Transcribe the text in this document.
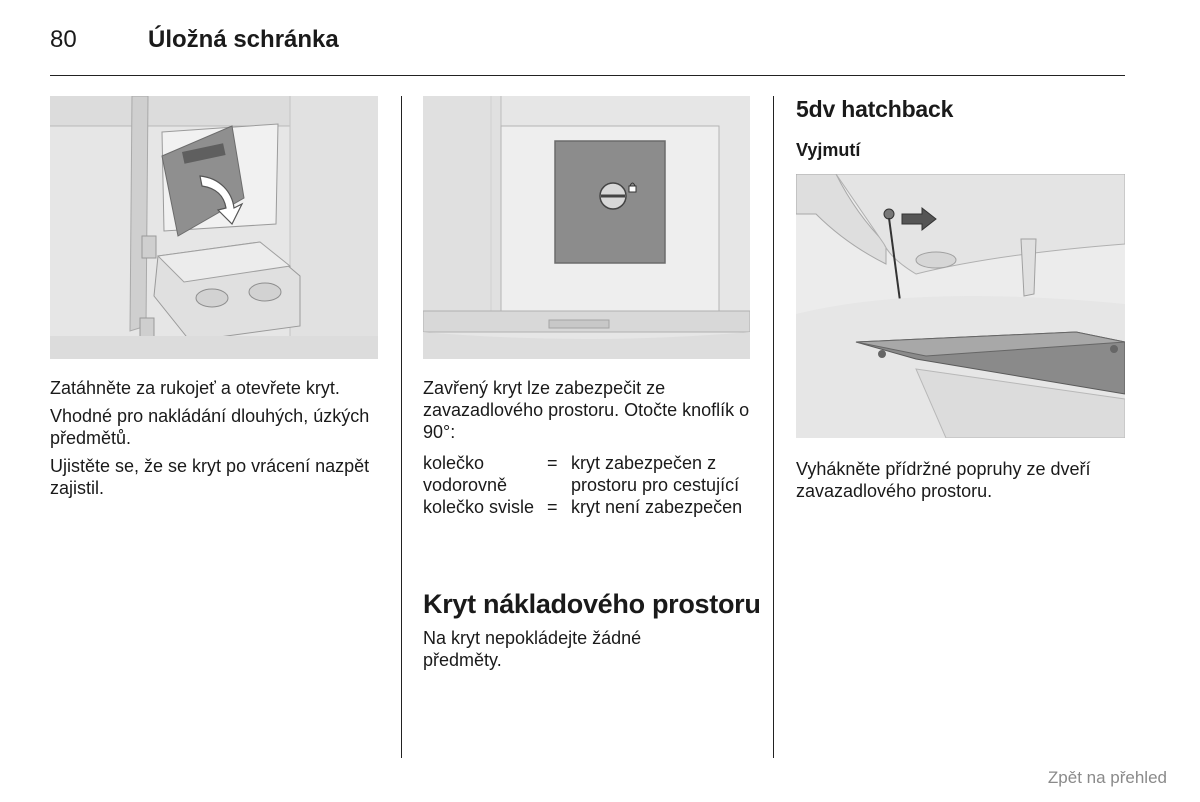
80	Úložná schránka

Zatáhněte za rukojeť a otevřete kryt.

Vhodné pro nakládání dlouhých, úzkých předmětů.

Ujistěte se, že se kryt po vrácení nazpět zajistil.

Zavřený kryt lze zabezpečit ze zavazadlového prostoru. Otočte knoflík o 90°:
kolečko vodorovně	=	kryt zabezpečen z prostoru pro cestující
kolečko svisle	=	kryt není zabezpečen
Kryt nákladového prostoru
Na kryt nepokládejte žádné předměty.
5dv hatchback
Vyjmutí
Vyhákněte přídržné popruhy ze dveří zavazadlového prostoru.
Zpět na přehled
